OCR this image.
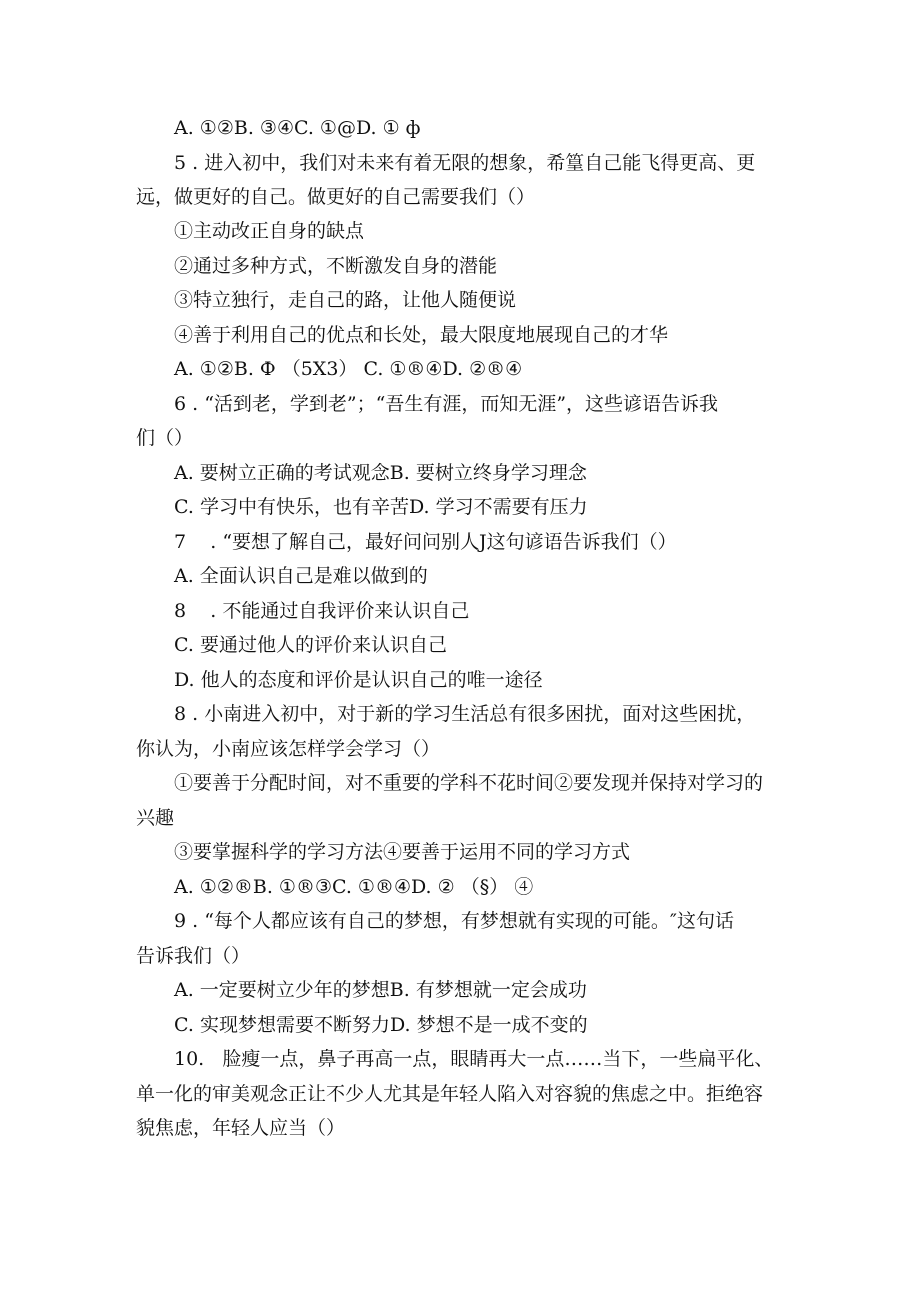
A. ①②B. ③④C. ①@D. ① ф
5 . 进入初中，我们对未来有着无限的想象，希篁自己能飞得更高、更
远，做更好的自己。做更好的自己需要我们（）
①主动改正自身的缺点
②通过多种方式，不断激发自身的潜能
③特立独行，走自己的路，让他人随便说
④善于利用自己的优点和长处，最大限度地展现自己的才华
A. ①②B. Ф （5X3） C. ①®④D. ②®④
6 . “活到老，学到老”；“吾生有涯，而知无涯”，这些谚语告诉我
们（）
A. 要树立正确的考试观念B. 要树立终身学习理念
C. 学习中有快乐，也有辛苦D. 学习不需要有压力
7    . “要想了解自己，最好问问别人J这句谚语告诉我们（）
A. 全面认识自己是难以做到的
8    . 不能通过自我评价来认识自己
C. 要通过他人的评价来认识自己
D. 他人的态度和评价是认识自己的唯一途径
8 . 小南进入初中，对于新的学习生活总有很多困扰，面对这些困扰，
你认为，小南应该怎样学会学习（）
①要善于分配时间，对不重要的学科不花时间②要发现并保持对学习的
兴趣
③要掌握科学的学习方法④要善于运用不同的学习方式
A. ①②®B. ①®③C. ①®④D. ② （§） ④
9 . “每个人都应该有自己的梦想，有梦想就有实现的可能。″这句话
告诉我们（）
A. 一定要树立少年的梦想B. 有梦想就一定会成功
C. 实现梦想需要不断努力D. 梦想不是一成不变的
10.   脸瘦一点，鼻子再高一点，眼睛再大一点……当下，一些扁平化、
单一化的审美观念正让不少人尤其是年轻人陷入对容貌的焦虑之中。拒绝容
貌焦虑，年轻人应当（）
